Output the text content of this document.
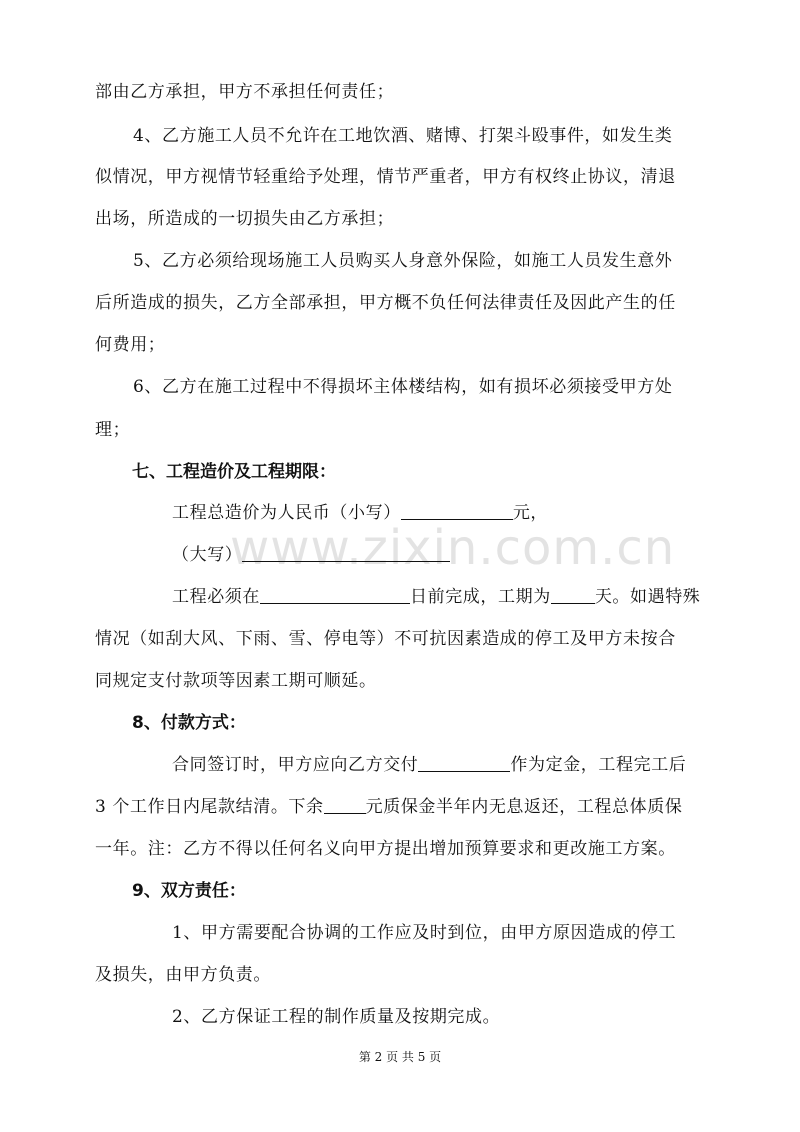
www.zixin.com.cn
部由乙方承担，甲方不承担任何责任；
4、乙方施工人员不允许在工地饮酒、赌博、打架斗殴事件，如发生类
似情况，甲方视情节轻重给予处理，情节严重者，甲方有权终止协议，清退
出场，所造成的一切损失由乙方承担；
5、乙方必须给现场施工人员购买人身意外保险，如施工人员发生意外
后所造成的损失，乙方全部承担，甲方概不负任何法律责任及因此产生的任
何费用；
6、乙方在施工过程中不得损坏主体楼结构，如有损坏必须接受甲方处
理；
七、工程造价及工程期限：
工程总造价为人民币（小写）	元，
（大写）
工程必须在	日前完成，工期为	天。如遇特殊
情况（如刮大风、下雨、雪、停电等）不可抗因素造成的停工及甲方未按合
同规定支付款项等因素工期可顺延。
8、付款方式：
合同签订时，甲方应向乙方交付	作为定金，工程完工后
3 个工作日内尾款结清。下余 元质保金半年内无息返还，工程总体质保
一年。注：乙方不得以任何名义向甲方提出增加预算要求和更改施工方案。
9、双方责任：
1、甲方需要配合协调的工作应及时到位，由甲方原因造成的停工
及损失，由甲方负责。
2、乙方保证工程的制作质量及按期完成。
第 2 页 共 5 页
